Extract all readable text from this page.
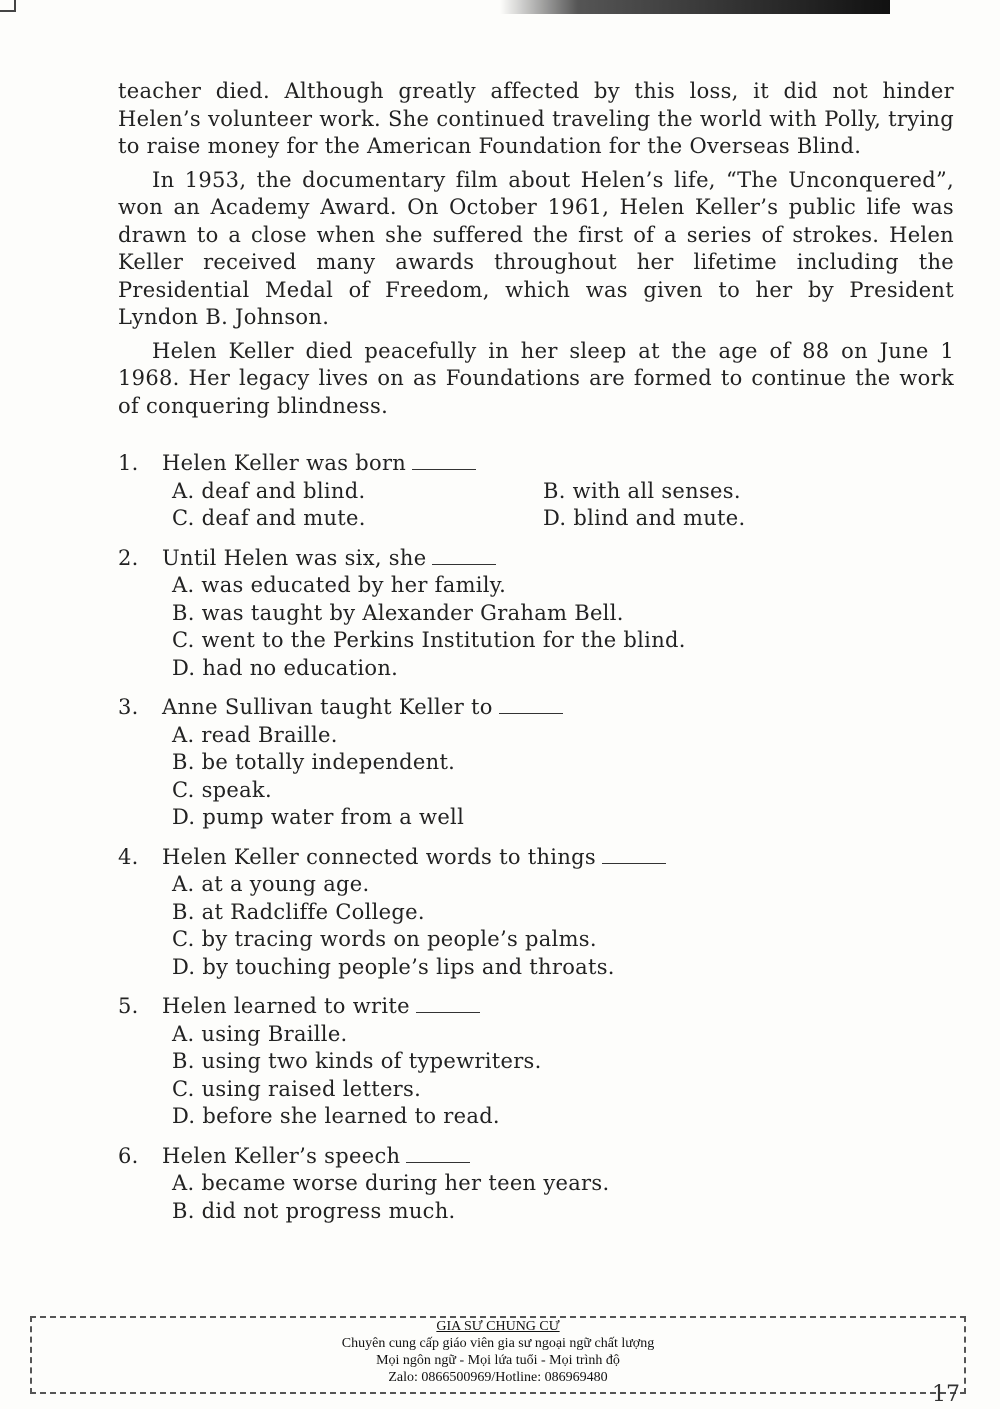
teacher died. Although greatly affected by this loss, it did not hinder Helen’s volunteer work. She continued traveling the world with Polly, trying to raise money for the American Foundation for the Overseas Blind.

In 1953, the documentary film about Helen’s life, “The Unconquered”, won an Academy Award. On October 1961, Helen Keller’s public life was drawn to a close when she suffered the first of a series of strokes. Helen Keller received many awards throughout her lifetime including the Presidential Medal of Freedom, which was given to her by President Lyndon B. Johnson.

Helen Keller died peacefully in her sleep at the age of 88 on June 1 1968. Her legacy lives on as Foundations are formed to continue the work of conquering blindness.

1.	Helen Keller was born
A. deaf and blind.	B. with all senses.
C. deaf and mute.	D. blind and mute.
2.	Until Helen was six, she
A. was educated by her family.
B. was taught by Alexander Graham Bell.
C. went to the Perkins Institution for the blind.
D. had no education.
3.	Anne Sullivan taught Keller to
A. read Braille.
B. be totally independent.
C. speak.
D. pump water from a well
4.	Helen Keller connected words to things
A. at a young age.
B. at Radcliffe College.
C. by tracing words on people’s palms.
D. by touching people’s lips and throats.
5.	Helen learned to write
A. using Braille.
B. using two kinds of typewriters.
C. using raised letters.
D. before she learned to read.
6.	Helen Keller’s speech
A. became worse during her teen years.
B. did not progress much.
GIA SƯ CHUNG CƯ
Chuyên cung cấp giáo viên gia sư ngoại ngữ chất lượng
Mọi ngôn ngữ - Mọi lứa tuổi - Mọi trình độ
Zalo: 0866500969/Hotline: 086969480
17
